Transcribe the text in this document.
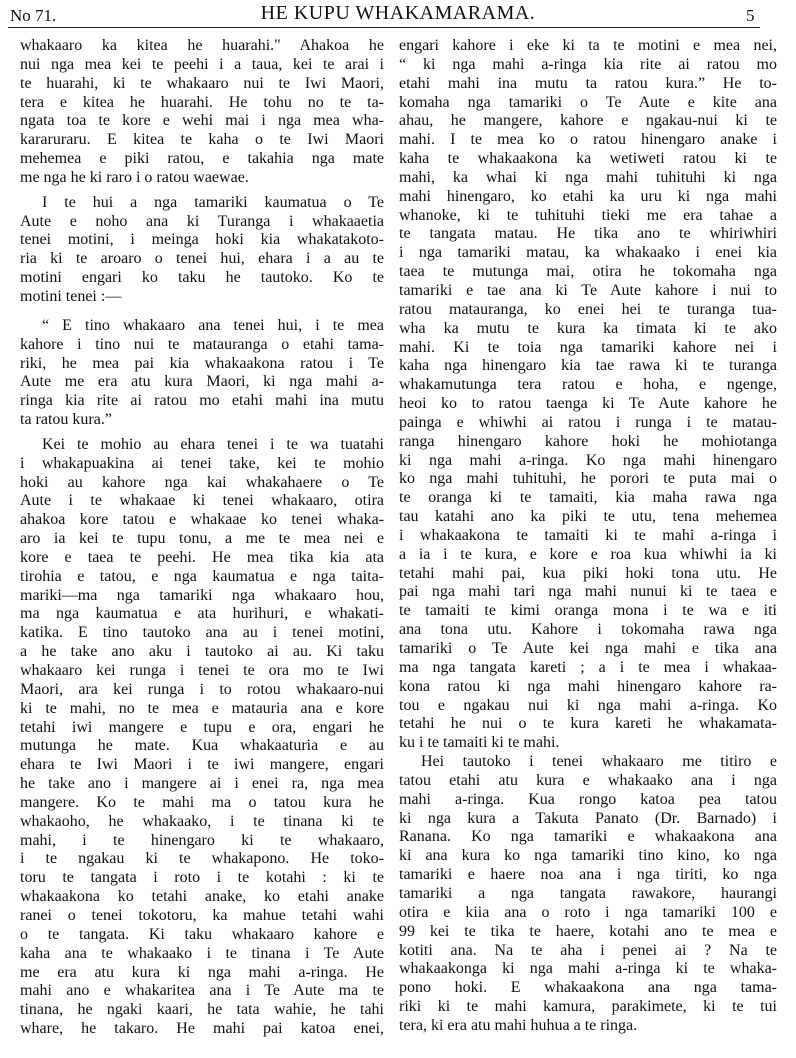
No 71.	HE KUPU WHAKAMARAMA.	5
whakaaro ka kitea he huarahi." Ahakoa he
nui nga mea kei te peehi i a taua, kei te arai i
te huarahi, ki te whakaaro nui te Iwi Maori,
tera e kitea he huarahi. He tohu no te ta-
ngata toa te kore e wehi mai i nga mea wha-
kararuraru. E kitea te kaha o te Iwi Maori
mehemea e piki ratou, e takahia nga mate
me nga he ki raro i o ratou waewae.
I te hui a nga tamariki kaumatua o Te
Aute e noho ana ki Turanga i whakaaetia
tenei motini, i meinga hoki kia whakatakoto-
ria ki te aroaro o tenei hui, ehara i a au te
motini engari ko taku he tautoko. Ko te
motini tenei :—
“ E tino whakaaro ana tenei hui, i te mea
kahore i tino nui te matauranga o etahi tama-
riki, he mea pai kia whakaakona ratou i Te
Aute me era atu kura Maori, ki nga mahi a-
ringa kia rite ai ratou mo etahi mahi ina mutu
ta ratou kura.”
Kei te mohio au ehara tenei i te wa tuatahi
i whakapuakina ai tenei take, kei te mohio
hoki au kahore nga kai whakahaere o Te
Aute i te whakaae ki tenei whakaaro, otira
ahakoa kore tatou e whakaae ko tenei whaka-
aro ia kei te tupu tonu, a me te mea nei e
kore e taea te peehi. He mea tika kia ata
tirohia e tatou, e nga kaumatua e nga taita-
mariki—ma nga tamariki nga whakaaro hou,
ma nga kaumatua e ata hurihuri, e whakati-
katika. E tino tautoko ana au i tenei motini,
a he take ano aku i tautoko ai au. Ki taku
whakaaro kei runga i tenei te ora mo te Iwi
Maori, ara kei runga i to rotou whakaaro-nui
ki te mahi, no te mea e matauria ana e kore
tetahi iwi mangere e tupu e ora, engari he
mutunga he mate. Kua whakaaturia e au
ehara te Iwi Maori i te iwi mangere, engari
he take ano i mangere ai i enei ra, nga mea
mangere. Ko te mahi ma o tatou kura he
whakaoho, he whakaako, i te tinana ki te
mahi, i te hinengaro ki te whakaaro,
i te ngakau ki te whakapono. He toko-
toru te tangata i roto i te kotahi : ki te
whakaakona ko tetahi anake, ko etahi anake
ranei o tenei tokotoru, ka mahue tetahi wahi
o te tangata. Ki taku whakaaro kahore e
kaha ana te whakaako i te tinana i Te Aute
me era atu kura ki nga mahi a-ringa. He
mahi ano e whakaritea ana i Te Aute ma te
tinana, he ngaki kaari, he tata wahie, he tahi
whare, he takaro. He mahi pai katoa enei,
engari kahore i eke ki ta te motini e mea nei,
“ ki nga mahi a-ringa kia rite ai ratou mo
etahi mahi ina mutu ta ratou kura.” He to-
komaha nga tamariki o Te Aute e kite ana
ahau, he mangere, kahore e ngakau-nui ki te
mahi. I te mea ko o ratou hinengaro anake i
kaha te whakaakona ka wetiweti ratou ki te
mahi, ka whai ki nga mahi tuhituhi ki nga
mahi hinengaro, ko etahi ka uru ki nga mahi
whanoke, ki te tuhituhi tieki me era tahae a
te tangata matau. He tika ano te whiriwhiri
i nga tamariki matau, ka whakaako i enei kia
taea te mutunga mai, otira he tokomaha nga
tamariki e tae ana ki Te Aute kahore i nui to
ratou matauranga, ko enei hei te turanga tua-
wha ka mutu te kura ka timata ki te ako
mahi. Ki te toia nga tamariki kahore nei i
kaha nga hinengaro kia tae rawa ki te turanga
whakamutunga tera ratou e hoha, e ngenge,
heoi ko to ratou taenga ki Te Aute kahore he
painga e whiwhi ai ratou i runga i te matau-
ranga hinengaro kahore hoki he mohiotanga
ki nga mahi a-ringa. Ko nga mahi hinengaro
ko nga mahi tuhituhi, he porori te puta mai o
te oranga ki te tamaiti, kia maha rawa nga
tau katahi ano ka piki te utu, tena mehemea
i whakaakona te tamaiti ki te mahi a-ringa i
a ia i te kura, e kore e roa kua whiwhi ia ki
tetahi mahi pai, kua piki hoki tona utu. He
pai nga mahi tari nga mahi nunui ki te taea e
te tamaiti te kimi oranga mona i te wa e iti
ana tona utu. Kahore i tokomaha rawa nga
tamariki o Te Aute kei nga mahi e tika ana
ma nga tangata kareti ; a i te mea i whakaa-
kona ratou ki nga mahi hinengaro kahore ra-
tou e ngakau nui ki nga mahi a-ringa. Ko
tetahi he nui o te kura kareti he whakamata-
ku i te tamaiti ki te mahi.
Hei tautoko i tenei whakaaro me titiro e
tatou etahi atu kura e whakaako ana i nga
mahi a-ringa. Kua rongo katoa pea tatou
ki nga kura a Takuta Panato (Dr. Barnado) i
Ranana. Ko nga tamariki e whakaakona ana
ki ana kura ko nga tamariki tino kino, ko nga
tamariki e haere noa ana i nga tiriti, ko nga
tamariki a nga tangata rawakore, haurangi
otira e kiia ana o roto i nga tamariki 100 e
99 kei te tika te haere, kotahi ano te mea e
kotiti ana. Na te aha i penei ai ? Na te
whakaakonga ki nga mahi a-ringa ki te whaka-
pono hoki. E whakaakona ana nga tama-
riki ki te mahi kamura, parakimete, ki te tui
tera, ki era atu mahi huhua a te ringa.
